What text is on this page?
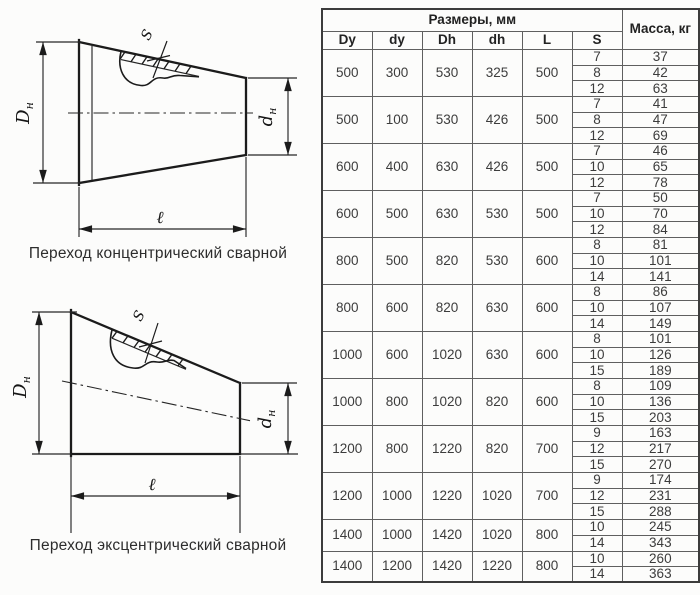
$D_н$
$d_н$
ℓ
S
Переход концентрический сварной
$D_н$
$d_н$
ℓ
S
Переход эксцентрический сварной
Размеры, мм						Масса, кг
Dy	dy	Dh	dh	L	S	
500	300	530	325	500	7	37
					8	42
					12	63
500	100	530	426	500	7	41
					8	47
					12	69
600	400	630	426	500	7	46
					10	65
					12	78
600	500	630	530	500	7	50
					10	70
					12	84
800	500	820	530	600	8	81
					10	101
					14	141
800	600	820	630	600	8	86
					10	107
					14	149
1000	600	1020	630	600	8	101
					10	126
					15	189
1000	800	1020	820	600	8	109
					10	136
					15	203
1200	800	1220	820	700	9	163
					12	217
					15	270
1200	1000	1220	1020	700	9	174
					12	231
					15	288
1400	1000	1420	1020	800	10	245
					14	343
1400	1200	1420	1220	800	10	260
					14	363
